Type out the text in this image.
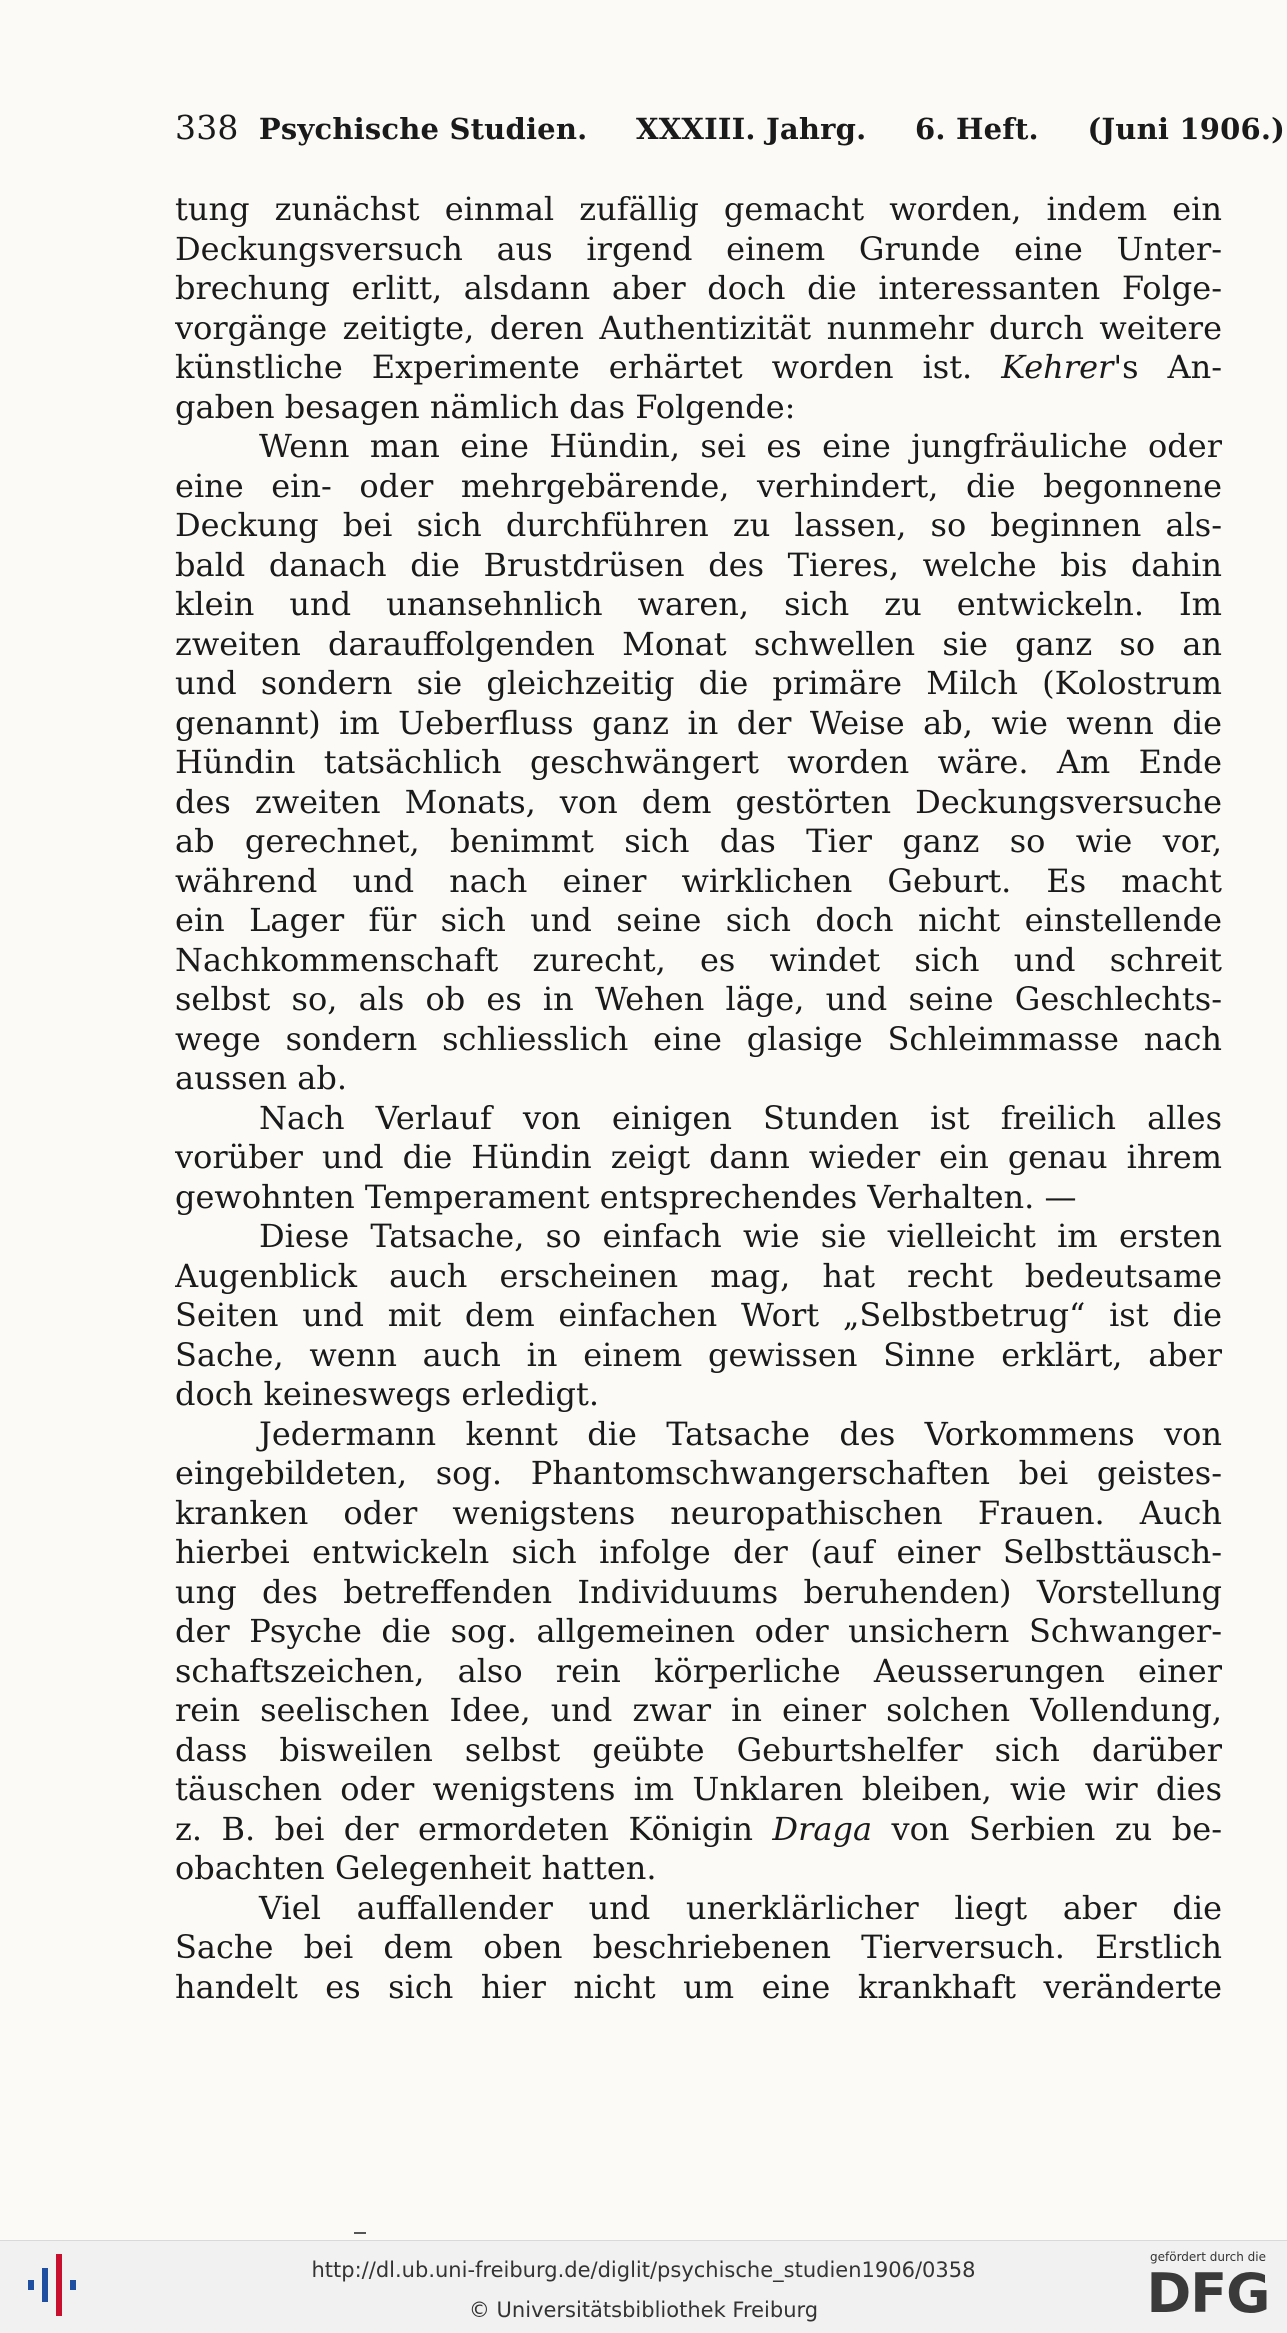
338 Psychische Studien. XXXIII. Jahrg. 6. Heft. (Juni 1906.)
tung zunächst einmal zufällig gemacht worden, indem ein
Deckungsversuch aus irgend einem Grunde eine Unter-
brechung erlitt, alsdann aber doch die interessanten Folge-
vorgänge zeitigte, deren Authentizität nunmehr durch weitere
künstliche Experimente erhärtet worden ist. Kehrer's An-
gaben besagen nämlich das Folgende:
Wenn man eine Hündin, sei es eine jungfräuliche oder
eine ein- oder mehrgebärende, verhindert, die begonnene
Deckung bei sich durchführen zu lassen, so beginnen als-
bald danach die Brustdrüsen des Tieres, welche bis dahin
klein und unansehnlich waren, sich zu entwickeln. Im
zweiten darauffolgenden Monat schwellen sie ganz so an
und sondern sie gleichzeitig die primäre Milch (Kolostrum
genannt) im Ueberfluss ganz in der Weise ab, wie wenn die
Hündin tatsächlich geschwängert worden wäre. Am Ende
des zweiten Monats, von dem gestörten Deckungsversuche
ab gerechnet, benimmt sich das Tier ganz so wie vor,
während und nach einer wirklichen Geburt. Es macht
ein Lager für sich und seine sich doch nicht einstellende
Nachkommenschaft zurecht, es windet sich und schreit
selbst so, als ob es in Wehen läge, und seine Geschlechts-
wege sondern schliesslich eine glasige Schleimmasse nach
aussen ab.
Nach Verlauf von einigen Stunden ist freilich alles
vorüber und die Hündin zeigt dann wieder ein genau ihrem
gewohnten Temperament entsprechendes Verhalten. —
Diese Tatsache, so einfach wie sie vielleicht im ersten
Augenblick auch erscheinen mag, hat recht bedeutsame
Seiten und mit dem einfachen Wort „Selbstbetrug“ ist die
Sache, wenn auch in einem gewissen Sinne erklärt, aber
doch keineswegs erledigt.
Jedermann kennt die Tatsache des Vorkommens von
eingebildeten, sog. Phantomschwangerschaften bei geistes-
kranken oder wenigstens neuropathischen Frauen. Auch
hierbei entwickeln sich infolge der (auf einer Selbsttäusch-
ung des betreffenden Individuums beruhenden) Vorstellung
der Psyche die sog. allgemeinen oder unsichern Schwanger-
schaftszeichen, also rein körperliche Aeusserungen einer
rein seelischen Idee, und zwar in einer solchen Vollendung,
dass bisweilen selbst geübte Geburtshelfer sich darüber
täuschen oder wenigstens im Unklaren bleiben, wie wir dies
z. B. bei der ermordeten Königin Draga von Serbien zu be-
obachten Gelegenheit hatten.
Viel auffallender und unerklärlicher liegt aber die
Sache bei dem oben beschriebenen Tierversuch. Erstlich
handelt es sich hier nicht um eine krankhaft veränderte
http://dl.ub.uni-freiburg.de/diglit/psychische_studien1906/0358
© Universitätsbibliothek Freiburg
gefördert durch die
DFG
